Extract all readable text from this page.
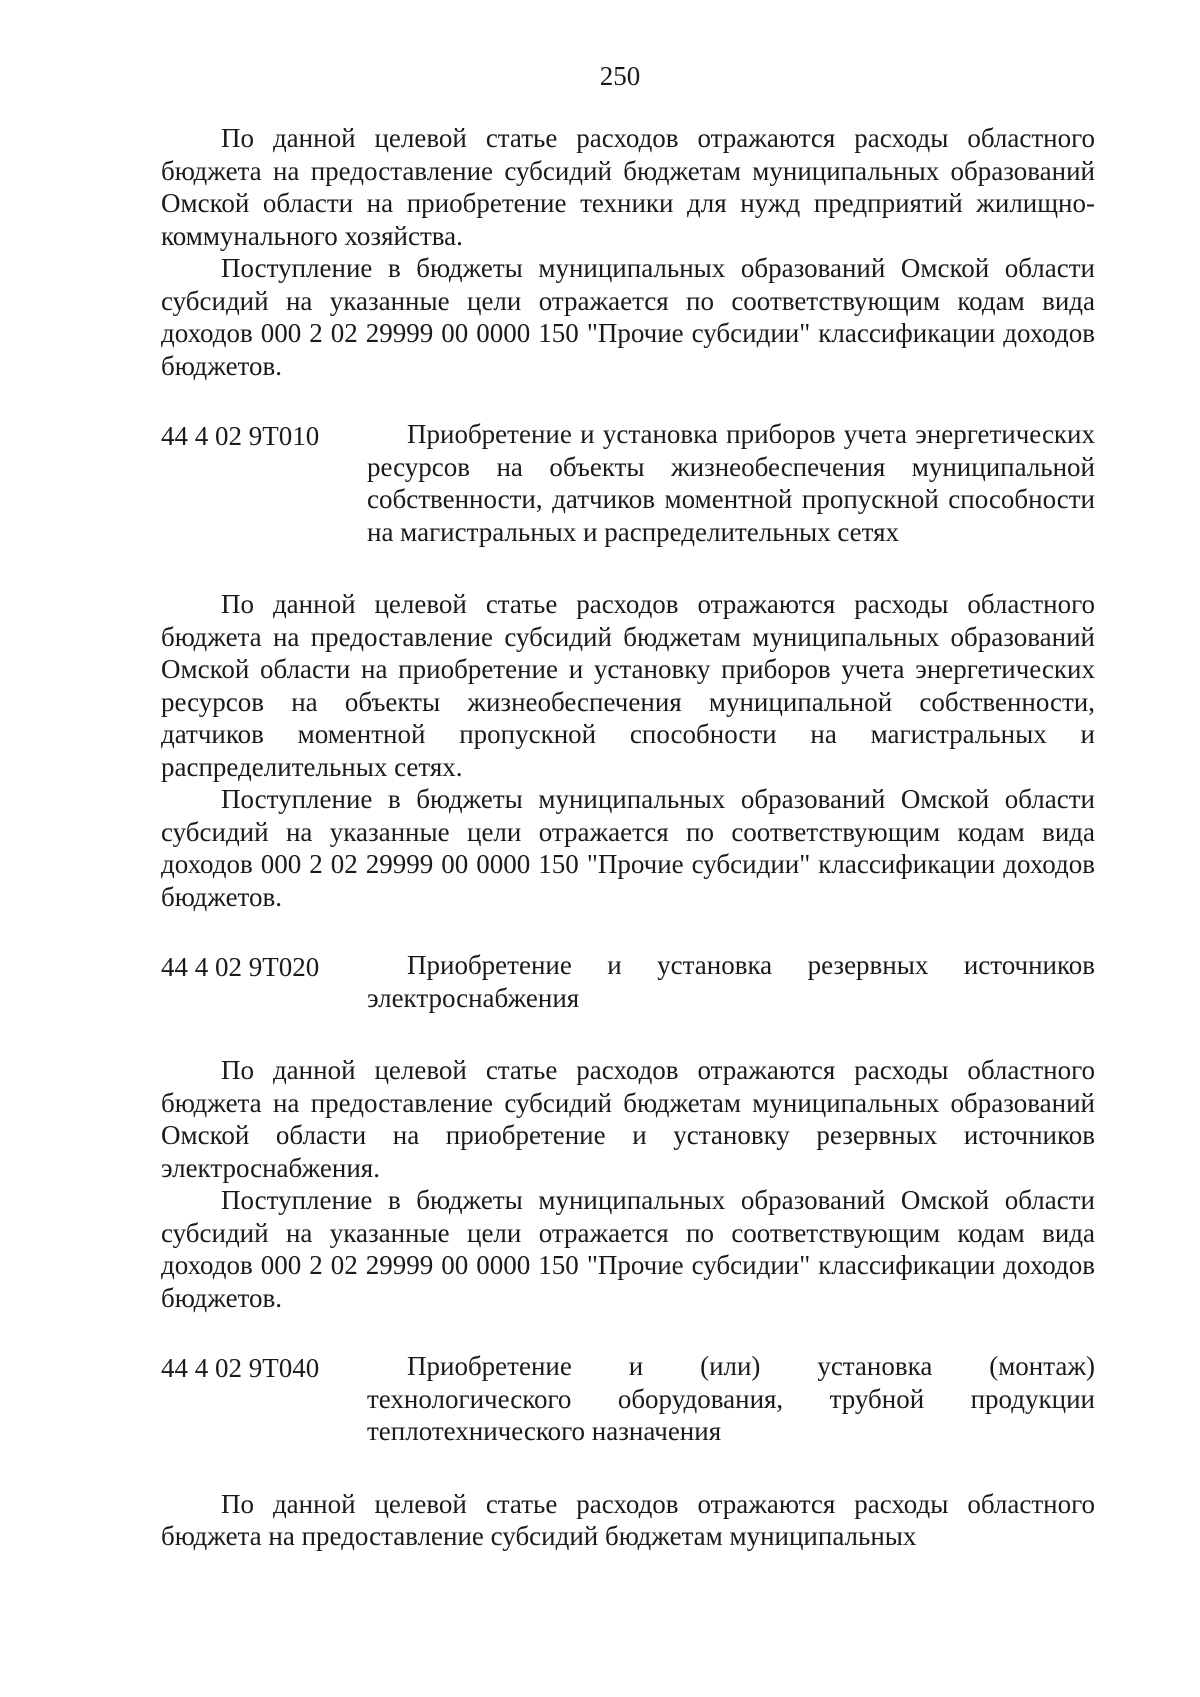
250

По данной целевой статье расходов отражаются расходы областного бюджета на предоставление субсидий бюджетам муниципальных образований Омской области на приобретение техники для нужд предприятий жилищно-коммунального хозяйства.

Поступление в бюджеты муниципальных образований Омской области субсидий на указанные цели отражается по соответствующим кодам вида доходов 000 2 02 29999 00 0000 150 "Прочие субсидии" классификации доходов бюджетов.

44 4 02 9Т010	Приобретение и установка приборов учета энергетических ресурсов на объекты жизнеобеспечения муниципальной собственности, датчиков моментной пропускной способности на магистральных и распределительных сетях

По данной целевой статье расходов отражаются расходы областного бюджета на предоставление субсидий бюджетам муниципальных образований Омской области на приобретение и установку приборов учета энергетических ресурсов на объекты жизнеобеспечения муниципальной собственности, датчиков моментной пропускной способности на магистральных и распределительных сетях.

Поступление в бюджеты муниципальных образований Омской области субсидий на указанные цели отражается по соответствующим кодам вида доходов 000 2 02 29999 00 0000 150 "Прочие субсидии" классификации доходов бюджетов.

44 4 02 9Т020	Приобретение и установка резервных источников электроснабжения

По данной целевой статье расходов отражаются расходы областного бюджета на предоставление субсидий бюджетам муниципальных образований Омской области на приобретение и установку резервных источников электроснабжения.

Поступление в бюджеты муниципальных образований Омской области субсидий на указанные цели отражается по соответствующим кодам вида доходов 000 2 02 29999 00 0000 150 "Прочие субсидии" классификации доходов бюджетов.

44 4 02 9Т040	Приобретение и (или) установка (монтаж) технологического оборудования, трубной продукции теплотехнического назначения

По данной целевой статье расходов отражаются расходы областного бюджета на предоставление субсидий бюджетам муниципальных
